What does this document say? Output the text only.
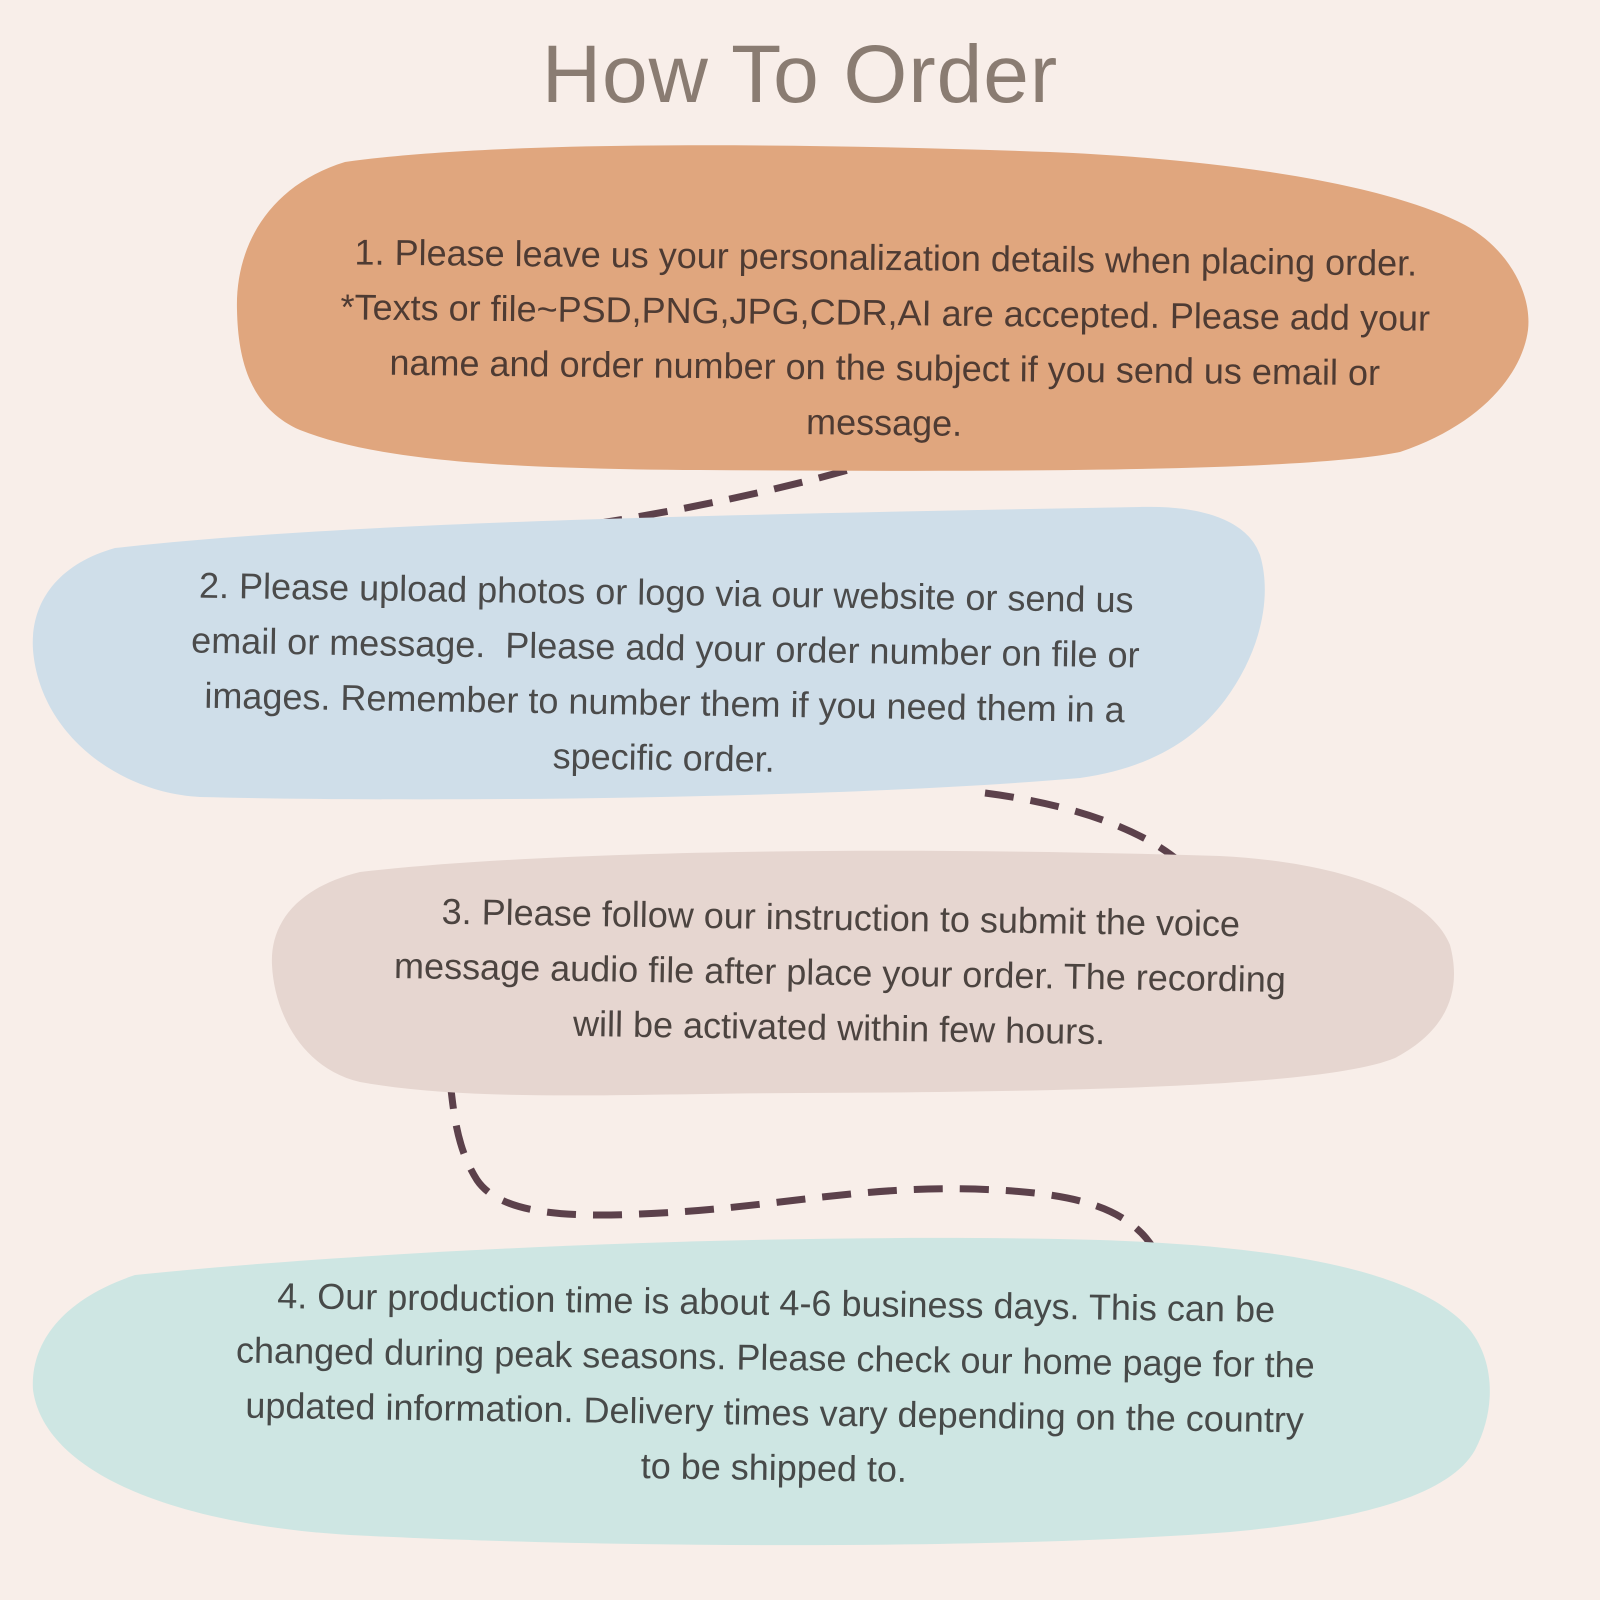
How To Order
1. Please leave us your personalization details when placing order.
*Texts or file~PSD,PNG,JPG,CDR,AI are accepted. Please add your
name and order number on the subject if you send us email or
message.
2. Please upload photos or logo via our website or send us
email or message.  Please add your order number on file or
images. Remember to number them if you need them in a
specific order.
3. Please follow our instruction to submit the voice
message audio file after place your order. The recording
will be activated within few hours.
4. Our production time is about 4-6 business days. This can be
changed during peak seasons. Please check our home page for the
updated information. Delivery times vary depending on the country
to be shipped to.
